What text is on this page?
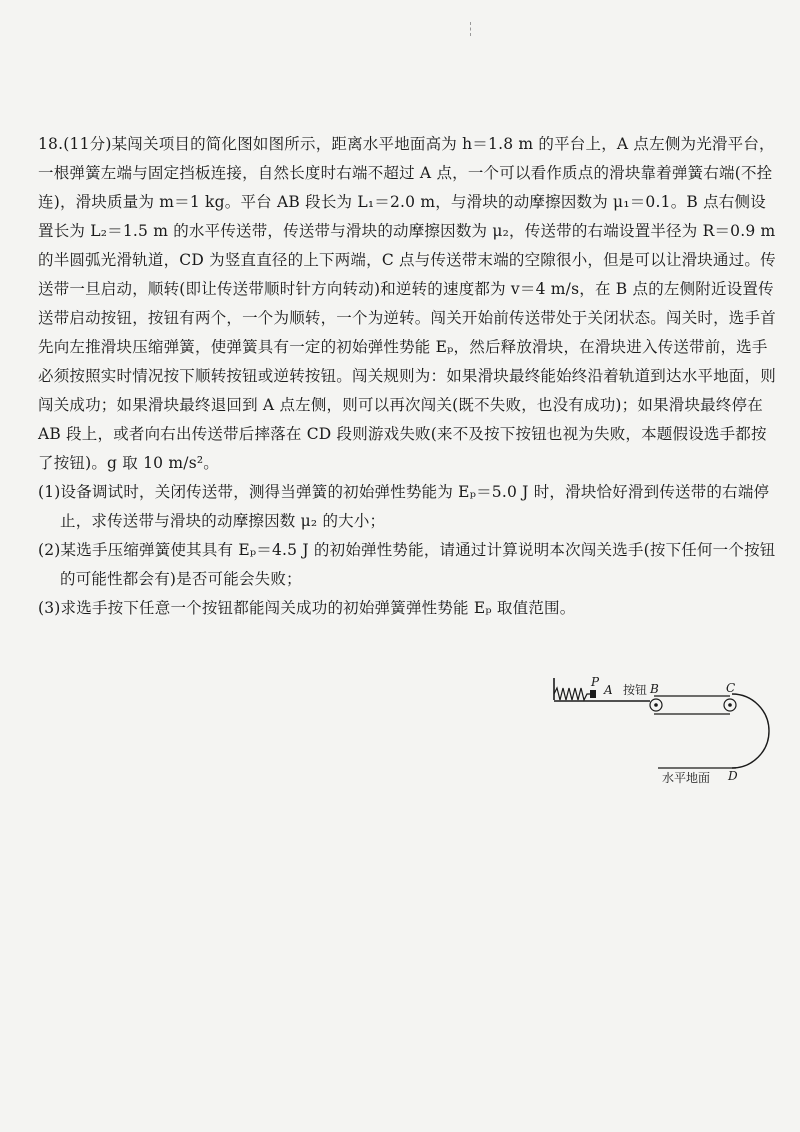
18.(11分)某闯关项目的简化图如图所示，距离水平地面高为 h＝1.8 m 的平台上，A 点左侧为光滑平台，一根弹簧左端与固定挡板连接，自然长度时右端不超过 A 点，一个可以看作质点的滑块靠着弹簧右端(不拴连)，滑块质量为 m＝1 kg。平台 AB 段长为 L₁＝2.0 m，与滑块的动摩擦因数为 μ₁＝0.1。B 点右侧设置长为 L₂＝1.5 m 的水平传送带，传送带与滑块的动摩擦因数为 μ₂，传送带的右端设置半径为 R＝0.9 m 的半圆弧光滑轨道，CD 为竖直直径的上下两端，C 点与传送带末端的空隙很小，但是可以让滑块通过。传送带一旦启动，顺转(即让传送带顺时针方向转动)和逆转的速度都为 v＝4 m/s，在 B 点的左侧附近设置传送带启动按钮，按钮有两个，一个为顺转，一个为逆转。闯关开始前传送带处于关闭状态。闯关时，选手首先向左推滑块压缩弹簧，使弹簧具有一定的初始弹性势能 Eₚ，然后释放滑块，在滑块进入传送带前，选手必须按照实时情况按下顺转按钮或逆转按钮。闯关规则为：如果滑块最终能始终沿着轨道到达水平地面，则闯关成功；如果滑块最终退回到 A 点左侧，则可以再次闯关(既不失败，也没有成功)；如果滑块最终停在 AB 段上，或者向右出传送带后摔落在 CD 段则游戏失败(来不及按下按钮也视为失败，本题假设选手都按了按钮)。g 取 10 m/s²。

(1)设备调试时，关闭传送带，测得当弹簧的初始弹性势能为 Eₚ＝5.0 J 时，滑块恰好滑到传送带的右端停止，求传送带与滑块的动摩擦因数 μ₂ 的大小；

(2)某选手压缩弹簧使其具有 Eₚ＝4.5 J 的初始弹性势能，请通过计算说明本次闯关选手(按下任何一个按钮的可能性都会有)是否可能会失败；

(3)求选手按下任意一个按钮都能闯关成功的初始弹簧弹性势能 Eₚ 取值范围。

P
A 按钮 B	C
水平地面 D
